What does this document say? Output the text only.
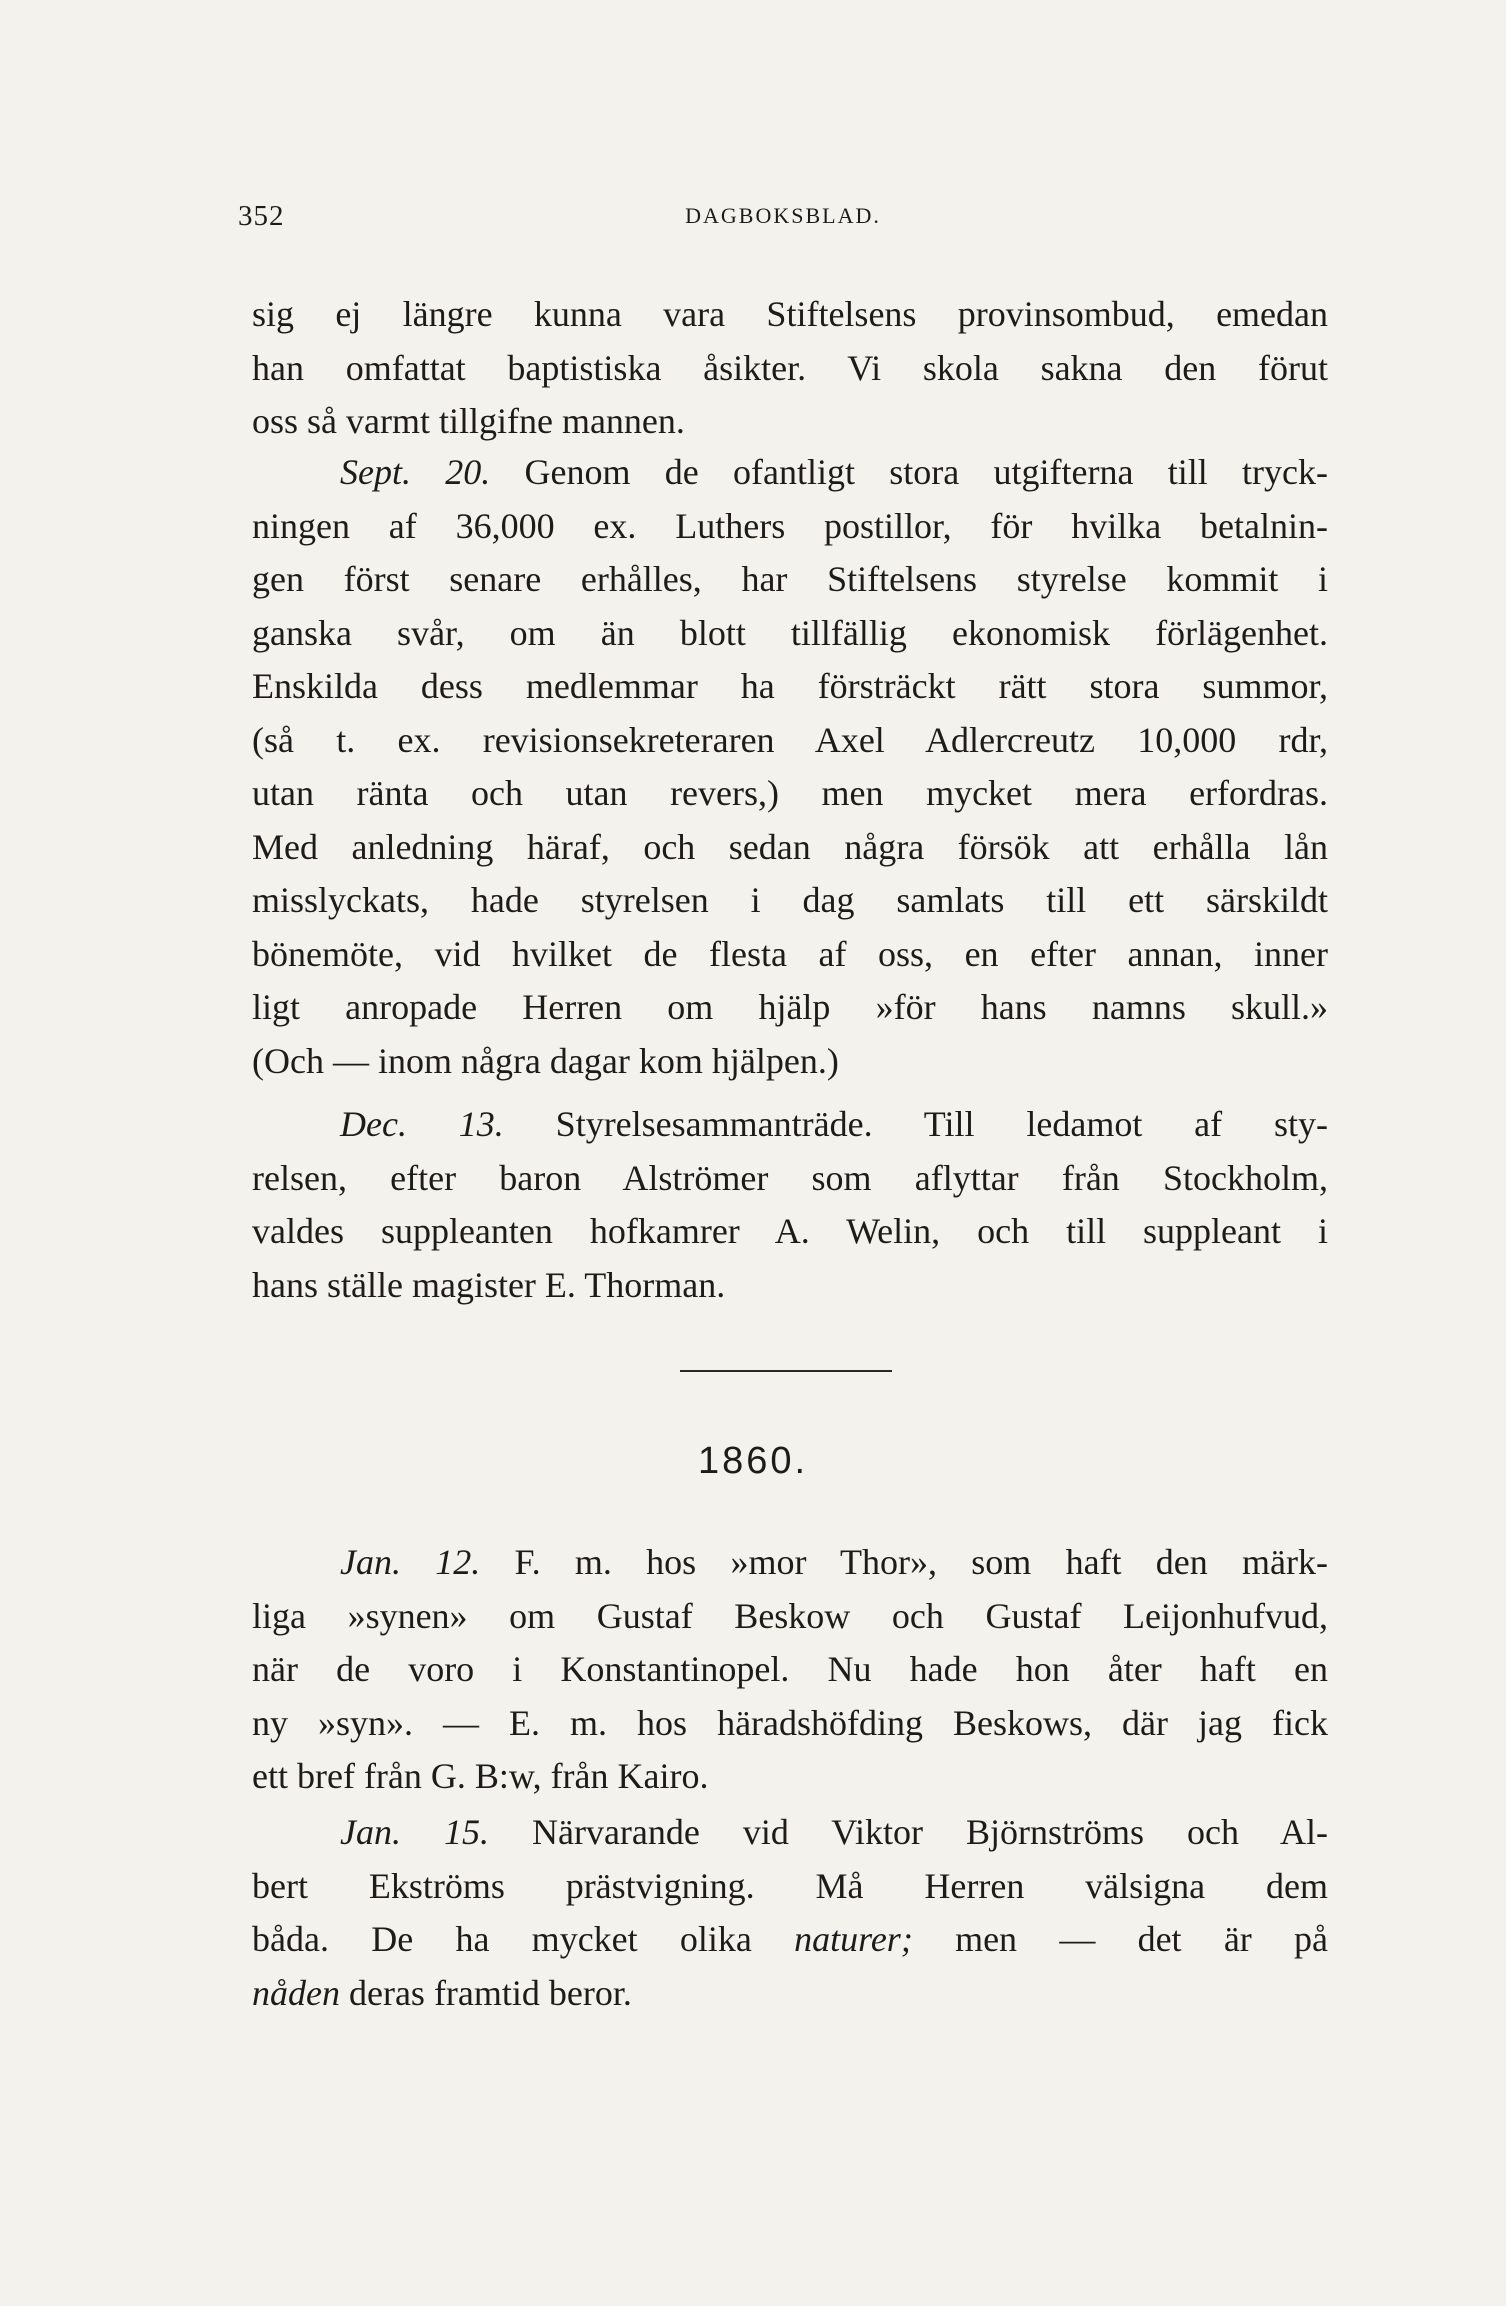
352	DAGBOKSBLAD.
sig ej längre kunna vara Stiftelsens provinsombud, emedan
han omfattat baptistiska åsikter. Vi skola sakna den förut
oss så varmt tillgifne mannen.
Sept. 20. Genom de ofantligt stora utgifterna till tryck-
ningen af 36,000 ex. Luthers postillor, för hvilka betalnin-
gen först senare erhålles, har Stiftelsens styrelse kommit i
ganska svår, om än blott tillfällig ekonomisk förlägenhet.
Enskilda dess medlemmar ha försträckt rätt stora summor,
(så t. ex. revisionsekreteraren Axel Adlercreutz 10,000 rdr,
utan ränta och utan revers,) men mycket mera erfordras.
Med anledning häraf, och sedan några försök att erhålla lån
misslyckats, hade styrelsen i dag samlats till ett särskildt
bönemöte, vid hvilket de flesta af oss, en efter annan, inner
ligt anropade Herren om hjälp »för hans namns skull.»
(Och — inom några dagar kom hjälpen.)
Dec. 13. Styrelsesammanträde. Till ledamot af sty-
relsen, efter baron Alströmer som aflyttar från Stockholm,
valdes suppleanten hofkamrer A. Welin, och till suppleant i
hans ställe magister E. Thorman.
1860.
Jan. 12. F. m. hos »mor Thor», som haft den märk-
liga »synen» om Gustaf Beskow och Gustaf Leijonhufvud,
när de voro i Konstantinopel. Nu hade hon åter haft en
ny »syn». — E. m. hos häradshöfding Beskows, där jag fick
ett bref från G. B:w, från Kairo.
Jan. 15. Närvarande vid Viktor Björnströms och Al-
bert Ekströms prästvigning. Må Herren välsigna dem
båda. De ha mycket olika naturer; men — det är på
nåden deras framtid beror.
